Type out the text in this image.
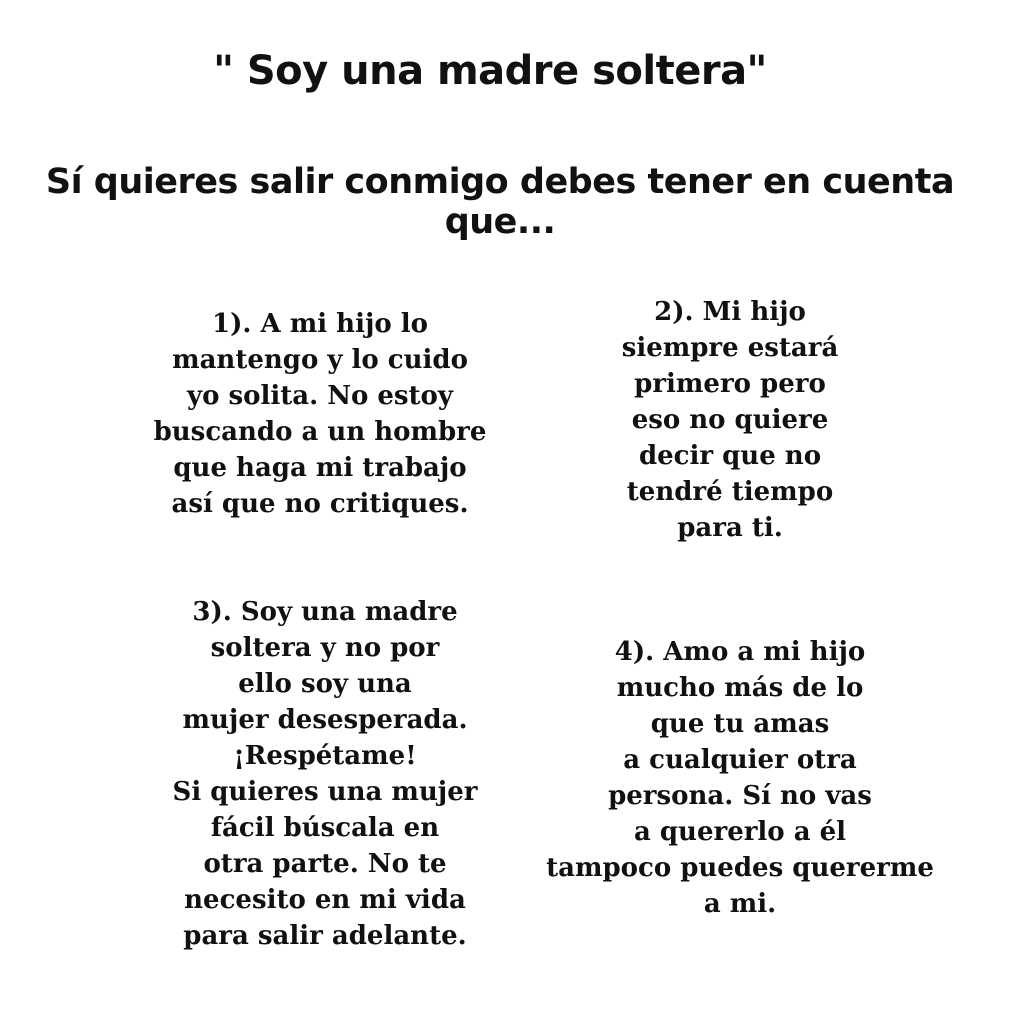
" Soy una madre soltera"
Sí quieres salir conmigo debes tener en cuenta que...
1). A mi hijo lo
mantengo y lo cuido
yo solita. No estoy
buscando a un hombre
que haga mi trabajo
así que no critiques.
2). Mi hijo
siempre estará
primero pero
eso no quiere
decir que no
tendré tiempo
para ti.
3). Soy una madre
soltera y no por
ello soy una
mujer desesperada.
¡Respétame!
Si quieres una mujer
fácil búscala en
otra parte. No te
necesito en mi vida
para salir adelante.
4). Amo a mi hijo
mucho más de lo
que tu amas
a cualquier otra
persona. Sí no vas
a quererlo a él
tampoco puedes quererme
a mi.
